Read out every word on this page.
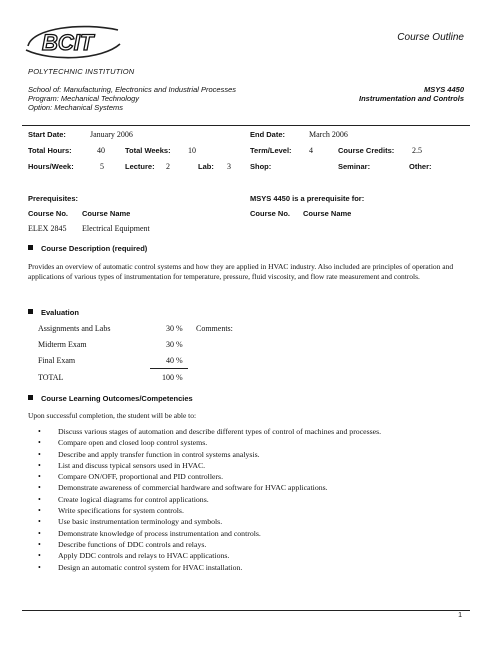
BCIT	Course Outline
POLYTECHNIC INSTITUTION
School of: Manufacturing, Electronics and Industrial Processes
Program: Mechanical Technology
Option: Mechanical Systems
MSYS 4450
Instrumentation and Controls
Start Date:	January 2006	End Date:	March 2006
Total Hours:	40	Total Weeks: 10	Term/Level: 4	Course Credits: 2.5
Hours/Week:	5	Lecture: 2	Lab: 3	Shop:	Seminar:	Other:
Prerequisites:	MSYS 4450 is a prerequisite for:
Course No. Course Name	Course No. Course Name
ELEX 2845 Electrical Equipment
Course Description (required)
Provides an overview of automatic control systems and how they are applied in HVAC industry. Also included are principles of operation and applications of various types of instrumentation for temperature, pressure, fluid viscosity, and flow rate measurement and controls.
Evaluation
Assignments and Labs	30 % Comments:
Midterm Exam	30 %
Final Exam	40 %
TOTAL	100 %
Course Learning Outcomes/Competencies
Upon successful completion, the student will be able to:
• Discuss various stages of automation and describe different types of control of machines and processes.
• Compare open and closed loop control systems.
• Describe and apply transfer function in control systems analysis.
• List and discuss typical sensors used in HVAC.
• Compare ON/OFF, proportional and PID controllers.
• Demonstrate awareness of commercial hardware and software for HVAC applications.
• Create logical diagrams for control applications.
• Write specifications for system controls.
• Use basic instrumentation terminology and symbols.
• Demonstrate knowledge of process instrumentation and controls.
• Describe functions of DDC controls and relays.
• Apply DDC controls and relays to HVAC applications.
• Design an automatic control system for HVAC installation.
1
